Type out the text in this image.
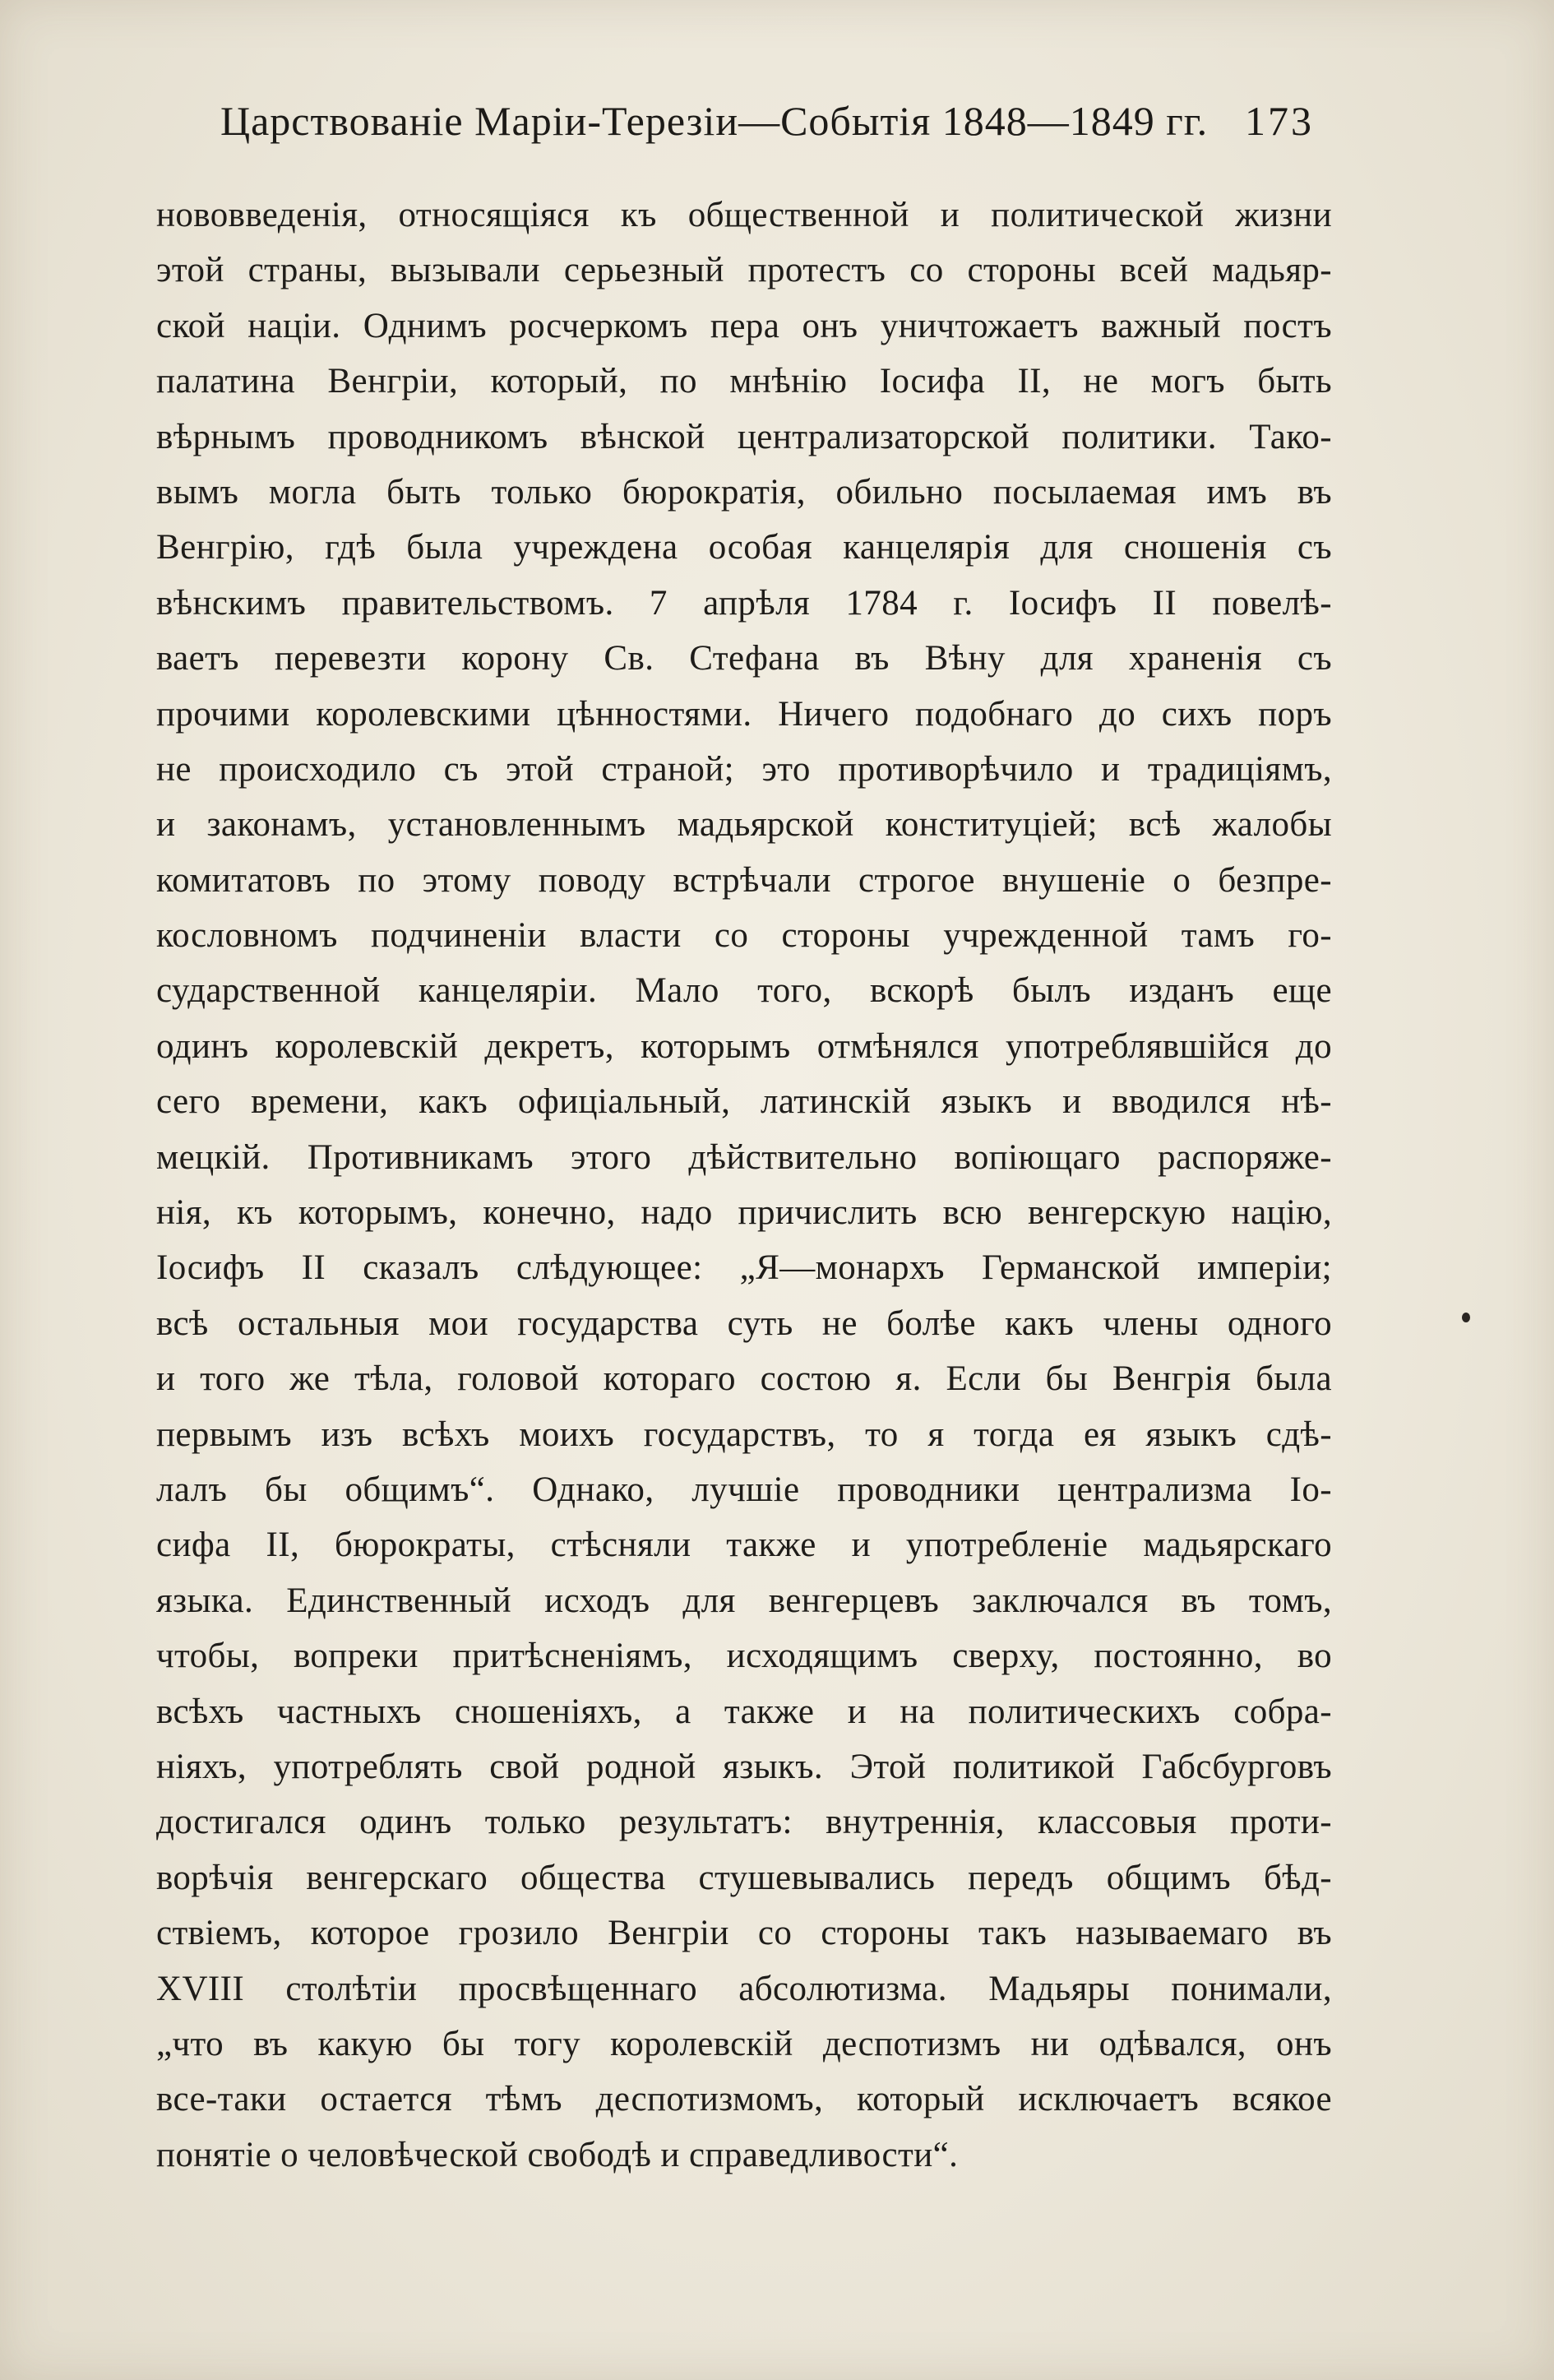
Царствованіе Маріи-Терезіи—Событія 1848—1849 гг. 173
нововведенія, относящіяся къ общественной и политической жизни
этой страны, вызывали серьезный протестъ со стороны всей мадьяр-
ской націи. Однимъ росчеркомъ пера онъ уничтожаетъ важный постъ
палатина Венгріи, который, по мнѣнію Іосифа II, не могъ быть
вѣрнымъ проводникомъ вѣнской централизаторской политики. Тако-
вымъ могла быть только бюрократія, обильно посылаемая имъ въ
Венгрію, гдѣ была учреждена особая канцелярія для сношенія съ
вѣнскимъ правительствомъ. 7 апрѣля 1784 г. Іосифъ II повелѣ-
ваетъ перевезти корону Св. Стефана въ Вѣну для храненія съ
прочими королевскими цѣнностями. Ничего подобнаго до сихъ поръ
не происходило съ этой страной; это противорѣчило и традиціямъ,
и законамъ, установленнымъ мадьярской конституціей; всѣ жалобы
комитатовъ по этому поводу встрѣчали строгое внушеніе о безпре-
кословномъ подчиненіи власти со стороны учрежденной тамъ го-
сударственной канцеляріи. Мало того, вскорѣ былъ изданъ еще
одинъ королевскій декретъ, которымъ отмѣнялся употреблявшійся до
сего времени, какъ офиціальный, латинскій языкъ и вводился нѣ-
мецкій. Противникамъ этого дѣйствительно вопіющаго распоряже-
нія, къ которымъ, конечно, надо причислить всю венгерскую націю,
Іосифъ II сказалъ слѣдующее: „Я—монархъ Германской имперіи;
всѣ остальныя мои государства суть не болѣе какъ члены одного
и того же тѣла, головой котораго состою я. Если бы Венгрія была
первымъ изъ всѣхъ моихъ государствъ, то я тогда ея языкъ сдѣ-
лалъ бы общимъ“. Однако, лучшіе проводники централизма Іо-
сифа II, бюрократы, стѣсняли также и употребленіе мадьярскаго
языка. Единственный исходъ для венгерцевъ заключался въ томъ,
чтобы, вопреки притѣсненіямъ, исходящимъ сверху, постоянно, во
всѣхъ частныхъ сношеніяхъ, а также и на политическихъ собра-
ніяхъ, употреблять свой родной языкъ. Этой политикой Габсбурговъ
достигался одинъ только результатъ: внутреннія, классовыя проти-
ворѣчія венгерскаго общества стушевывались передъ общимъ бѣд-
ствіемъ, которое грозило Венгріи со стороны такъ называемаго въ
XVIII столѣтіи просвѣщеннаго абсолютизма. Мадьяры понимали,
„что въ какую бы тогу королевскій деспотизмъ ни одѣвался, онъ
все-таки остается тѣмъ деспотизмомъ, который исключаетъ всякое
понятіе о человѣческой свободѣ и справедливости“.
